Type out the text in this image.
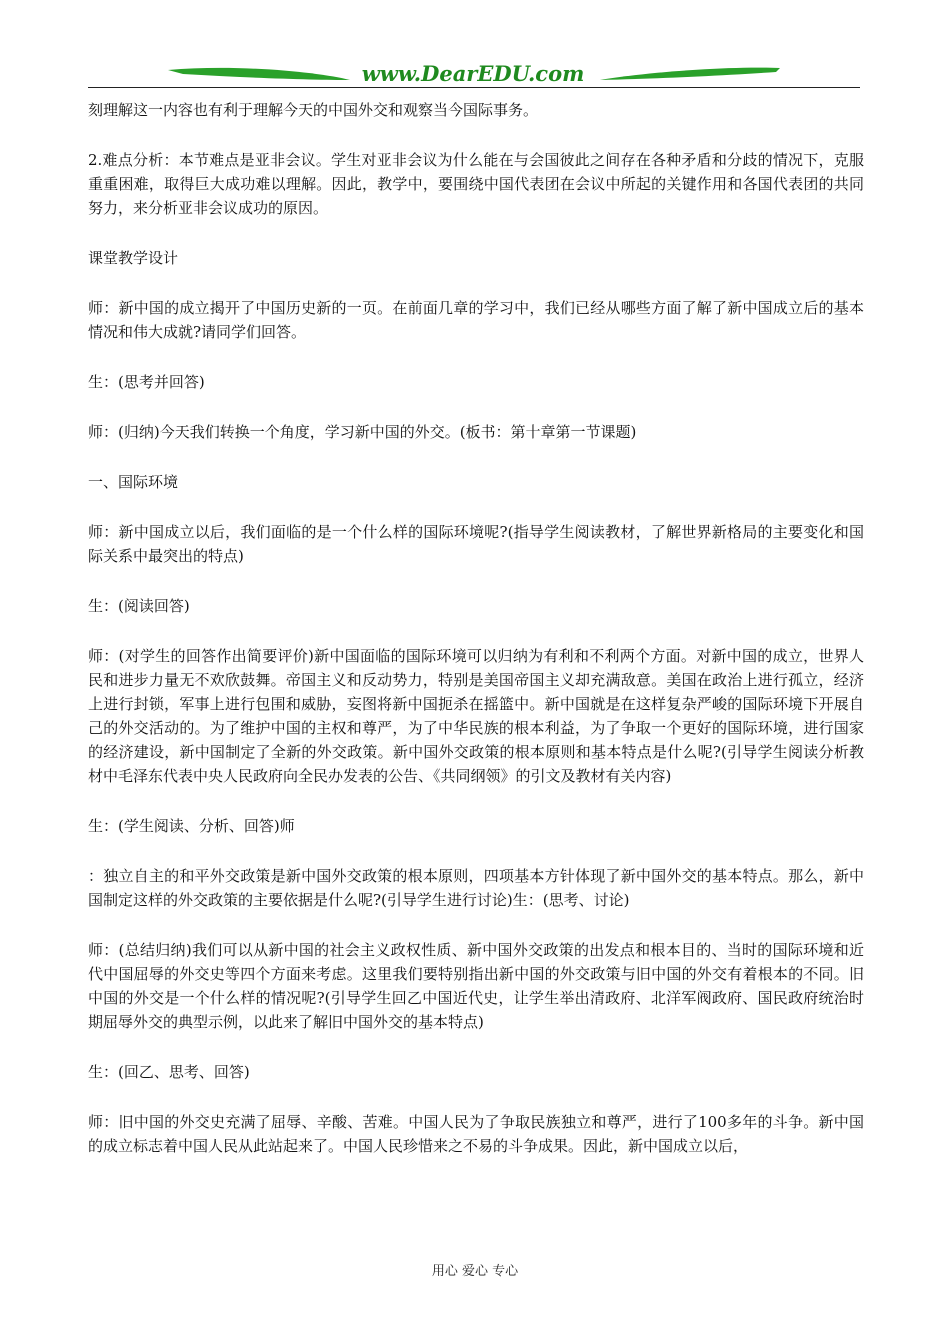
www.DearEDU.com

刻理解这一内容也有利于理解今天的中国外交和观察当今国际事务。

2.难点分析：本节难点是亚非会议。学生对亚非会议为什么能在与会国彼此之间存在各种矛盾和分歧的情况下，克服重重困难，取得巨大成功难以理解。因此，教学中，要围绕中国代表团在会议中所起的关键作用和各国代表团的共同努力，来分析亚非会议成功的原因。

课堂教学设计

师：新中国的成立揭开了中国历史新的一页。在前面几章的学习中，我们已经从哪些方面了解了新中国成立后的基本情况和伟大成就?请同学们回答。

生：(思考并回答)

师：(归纳)今天我们转换一个角度，学习新中国的外交。(板书：第十章第一节课题)

一、国际环境

师：新中国成立以后，我们面临的是一个什么样的国际环境呢?(指导学生阅读教材，了解世界新格局的主要变化和国际关系中最突出的特点)

生：(阅读回答)

师：(对学生的回答作出简要评价)新中国面临的国际环境可以归纳为有利和不利两个方面。对新中国的成立，世界人民和进步力量无不欢欣鼓舞。帝国主义和反动势力，特别是美国帝国主义却充满敌意。美国在政治上进行孤立，经济上进行封锁，军事上进行包围和威胁，妄图将新中国扼杀在摇篮中。新中国就是在这样复杂严峻的国际环境下开展自己的外交活动的。为了维护中国的主权和尊严，为了中华民族的根本利益，为了争取一个更好的国际环境，进行国家的经济建设，新中国制定了全新的外交政策。新中国外交政策的根本原则和基本特点是什么呢?(引导学生阅读分析教材中毛泽东代表中央人民政府向全民办发表的公告、《共同纲领》的引文及教材有关内容)

生：(学生阅读、分析、回答)师

：独立自主的和平外交政策是新中国外交政策的根本原则，四项基本方针体现了新中国外交的基本特点。那么，新中国制定这样的外交政策的主要依据是什么呢?(引导学生进行讨论)生：(思考、讨论)

师：(总结归纳)我们可以从新中国的社会主义政权性质、新中国外交政策的出发点和根本目的、当时的国际环境和近代中国屈辱的外交史等四个方面来考虑。这里我们要特别指出新中国的外交政策与旧中国的外交有着根本的不同。旧中国的外交是一个什么样的情况呢?(引导学生回乙中国近代史，让学生举出清政府、北洋军阀政府、国民政府统治时期屈辱外交的典型示例，以此来了解旧中国外交的基本特点)

生：(回乙、思考、回答)

师：旧中国的外交史充满了屈辱、辛酸、苦难。中国人民为了争取民族独立和尊严，进行了100多年的斗争。新中国的成立标志着中国人民从此站起来了。中国人民珍惜来之不易的斗争成果。因此，新中国成立以后，

用心 爱心 专心
